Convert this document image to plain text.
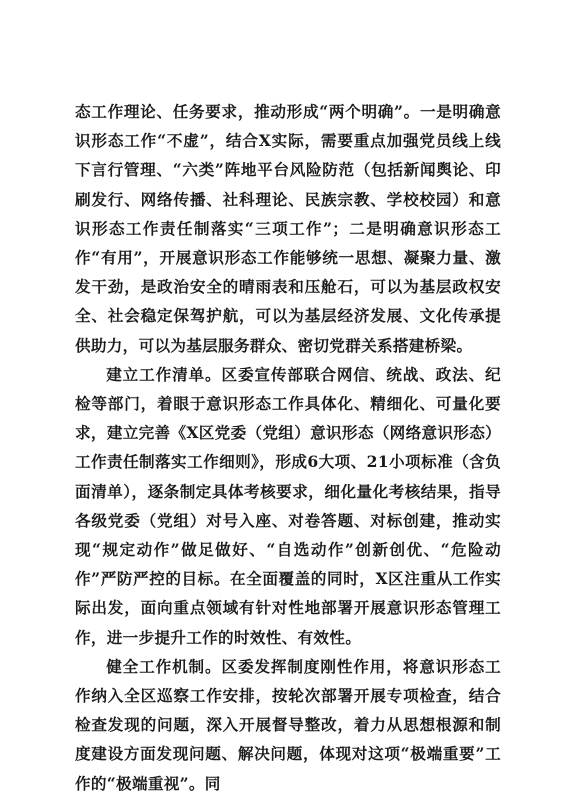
态工作理论、任务要求，推动形成“两个明确”。一是明确意识形态工作“不虚”，结合X实际，需要重点加强党员线上线下言行管理、“六类”阵地平台风险防范（包括新闻舆论、印刷发行、网络传播、社科理论、民族宗教、学校校园）和意识形态工作责任制落实“三项工作”；二是明确意识形态工作“有用”，开展意识形态工作能够统一思想、凝聚力量、激发干劲，是政治安全的晴雨表和压舱石，可以为基层政权安全、社会稳定保驾护航，可以为基层经济发展、文化传承提供助力，可以为基层服务群众、密切党群关系搭建桥梁。

建立工作清单。区委宣传部联合网信、统战、政法、纪检等部门，着眼于意识形态工作具体化、精细化、可量化要求，建立完善《X区党委（党组）意识形态（网络意识形态）工作责任制落实工作细则》，形成6大项、21小项标准（含负面清单），逐条制定具体考核要求，细化量化考核结果，指导各级党委（党组）对号入座、对卷答题、对标创建，推动实现“规定动作”做足做好、“自选动作”创新创优、“危险动作”严防严控的目标。在全面覆盖的同时，X区注重从工作实际出发，面向重点领域有针对性地部署开展意识形态管理工作，进一步提升工作的时效性、有效性。

健全工作机制。区委发挥制度刚性作用，将意识形态工作纳入全区巡察工作安排，按轮次部署开展专项检查，结合检查发现的问题，深入开展督导整改，着力从思想根源和制度建设方面发现问题、解决问题，体现对这项“极端重要”工作的“极端重视”。同
